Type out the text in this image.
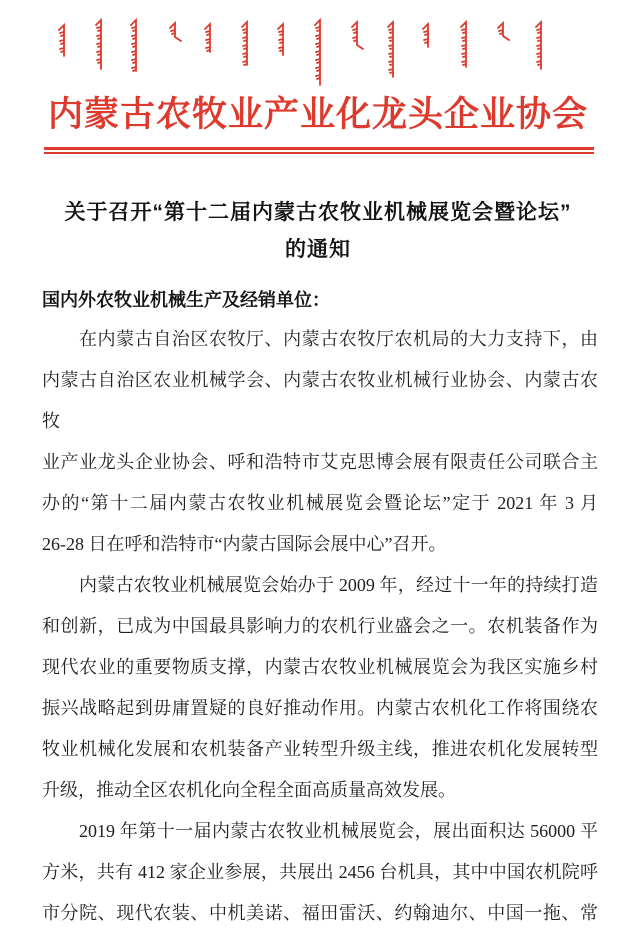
内蒙古农牧业产业化龙头企业协会
关于召开“第十二届内蒙古农牧业机械展览会暨论坛”
的通知
国内外农牧业机械生产及经销单位：
在内蒙古自治区农牧厅、内蒙古农牧厅农机局的大力支持下，由
内蒙古自治区农业机械学会、内蒙古农牧业机械行业协会、内蒙古农牧
业产业龙头企业协会、呼和浩特市艾克思博会展有限责任公司联合主
办的“第十二届内蒙古农牧业机械展览会暨论坛”定于 2021 年 3 月
26-28 日在呼和浩特市“内蒙古国际会展中心”召开。
内蒙古农牧业机械展览会始办于 2009 年，经过十一年的持续打造
和创新，已成为中国最具影响力的农机行业盛会之一。农机装备作为
现代农业的重要物质支撑，内蒙古农牧业机械展览会为我区实施乡村
振兴战略起到毋庸置疑的良好推动作用。内蒙古农机化工作将围绕农
牧业机械化发展和农机装备产业转型升级主线，推进农机化发展转型
升级，推动全区农机化向全程全面高质量高效发展。
2019 年第十一届内蒙古农牧业机械展览会，展出面积达 56000 平
方米，共有 412 家企业参展，共展出 2456 台机具，其中中国农机院呼
市分院、现代农装、中机美诺、福田雷沃、约翰迪尔、中国一拖、常
